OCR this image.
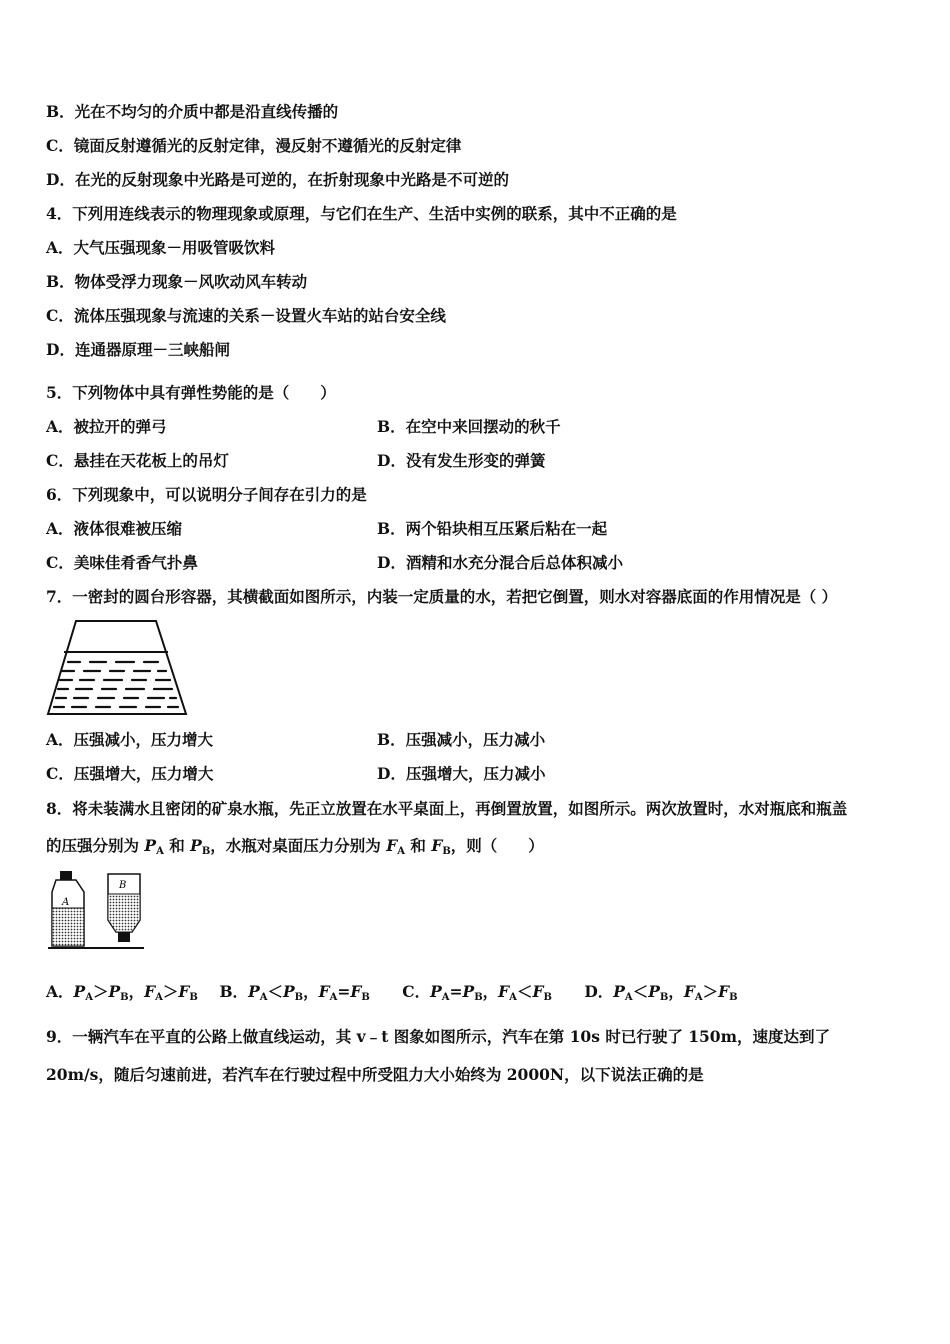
B．光在不均匀的介质中都是沿直线传播的
C．镜面反射遵循光的反射定律，漫反射不遵循光的反射定律
D．在光的反射现象中光路是可逆的，在折射现象中光路是不可逆的
4．下列用连线表示的物理现象或原理，与它们在生产、生活中实例的联系，其中不正确的是
A．大气压强现象－用吸管吸饮料
B．物体受浮力现象－风吹动风车转动
C．流体压强现象与流速的关系－设置火车站的站台安全线
D．连通器原理－三峡船闸
5．下列物体中具有弹性势能的是（　　）
A．被拉开的弹弓	B．在空中来回摆动的秋千
C．悬挂在天花板上的吊灯	D．没有发生形变的弹簧
6．下列现象中，可以说明分子间存在引力的是
A．液体很难被压缩	B．两个铅块相互压紧后粘在一起
C．美味佳肴香气扑鼻	D．酒精和水充分混合后总体积减小
7．一密封的圆台形容器，其横截面如图所示，内装一定质量的水，若把它倒置，则水对容器底面的作用情况是（ ）
A．压强减小，压力增大	B．压强减小，压力减小
C．压强增大，压力增大	D．压强增大，压力减小
8．将未装满水且密闭的矿泉水瓶，先正立放置在水平桌面上，再倒置放置，如图所示。两次放置时，水对瓶底和瓶盖
的压强分别为 $P_A$ 和 $P_B$，水瓶对桌面压力分别为 $F_A$ 和 $F_B$，则（　　）
A
B
A．$P_A>P_B$，$F_A>F_B$ B．$P_A<P_B$，$F_A=F_B$ C．$P_A=P_B$，$F_A<F_B$ D．$P_A<P_B$，$F_A>F_B$
9．一辆汽车在平直的公路上做直线运动，其 v﹣t 图象如图所示，汽车在第 10s 时已行驶了 150m，速度达到了
20m/s，随后匀速前进，若汽车在行驶过程中所受阻力大小始终为 2000N，以下说法正确的是
